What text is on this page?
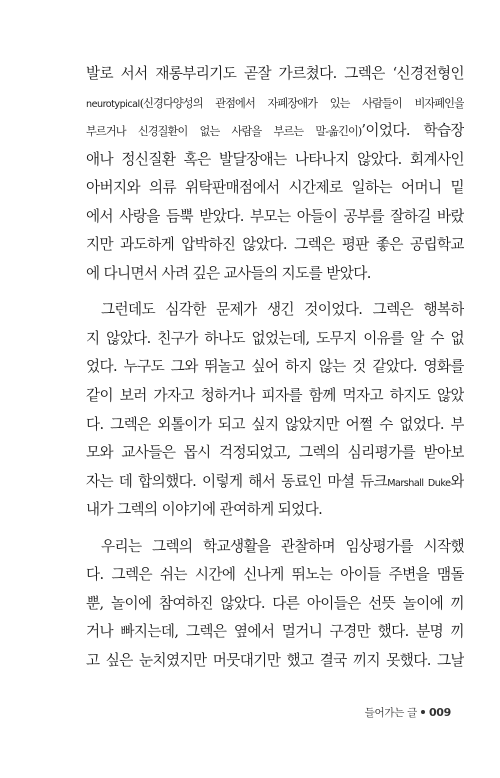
발로 서서 재롱부리기도 곧잘 가르쳤다. 그렉은 ‘신경전형인
neurotypical(신경다양성의 관점에서 자폐장애가 있는 사람들이 비자폐인을
부르거나 신경질환이 없는 사람을 부르는 말-옮긴이)’이었다. 학습장
애나 정신질환 혹은 발달장애는 나타나지 않았다. 회계사인
아버지와 의류 위탁판매점에서 시간제로 일하는 어머니 밑
에서 사랑을 듬뿍 받았다. 부모는 아들이 공부를 잘하길 바랐
지만 과도하게 압박하진 않았다. 그렉은 평판 좋은 공립학교
에 다니면서 사려 깊은 교사들의 지도를 받았다.
그런데도 심각한 문제가 생긴 것이었다. 그렉은 행복하
지 않았다. 친구가 하나도 없었는데, 도무지 이유를 알 수 없
었다. 누구도 그와 뛰놀고 싶어 하지 않는 것 같았다. 영화를
같이 보러 가자고 청하거나 피자를 함께 먹자고 하지도 않았
다. 그렉은 외톨이가 되고 싶지 않았지만 어쩔 수 없었다. 부
모와 교사들은 몹시 걱정되었고, 그렉의 심리평가를 받아보
자는 데 합의했다. 이렇게 해서 동료인 마셜 듀크Marshall Duke와
내가 그렉의 이야기에 관여하게 되었다.
우리는 그렉의 학교생활을 관찰하며 임상평가를 시작했
다. 그렉은 쉬는 시간에 신나게 뛰노는 아이들 주변을 맴돌
뿐, 놀이에 참여하진 않았다. 다른 아이들은 선뜻 놀이에 끼
거나 빠지는데, 그렉은 옆에서 멀거니 구경만 했다. 분명 끼
고 싶은 눈치였지만 머뭇대기만 했고 결국 끼지 못했다. 그날
들어가는 글 009
